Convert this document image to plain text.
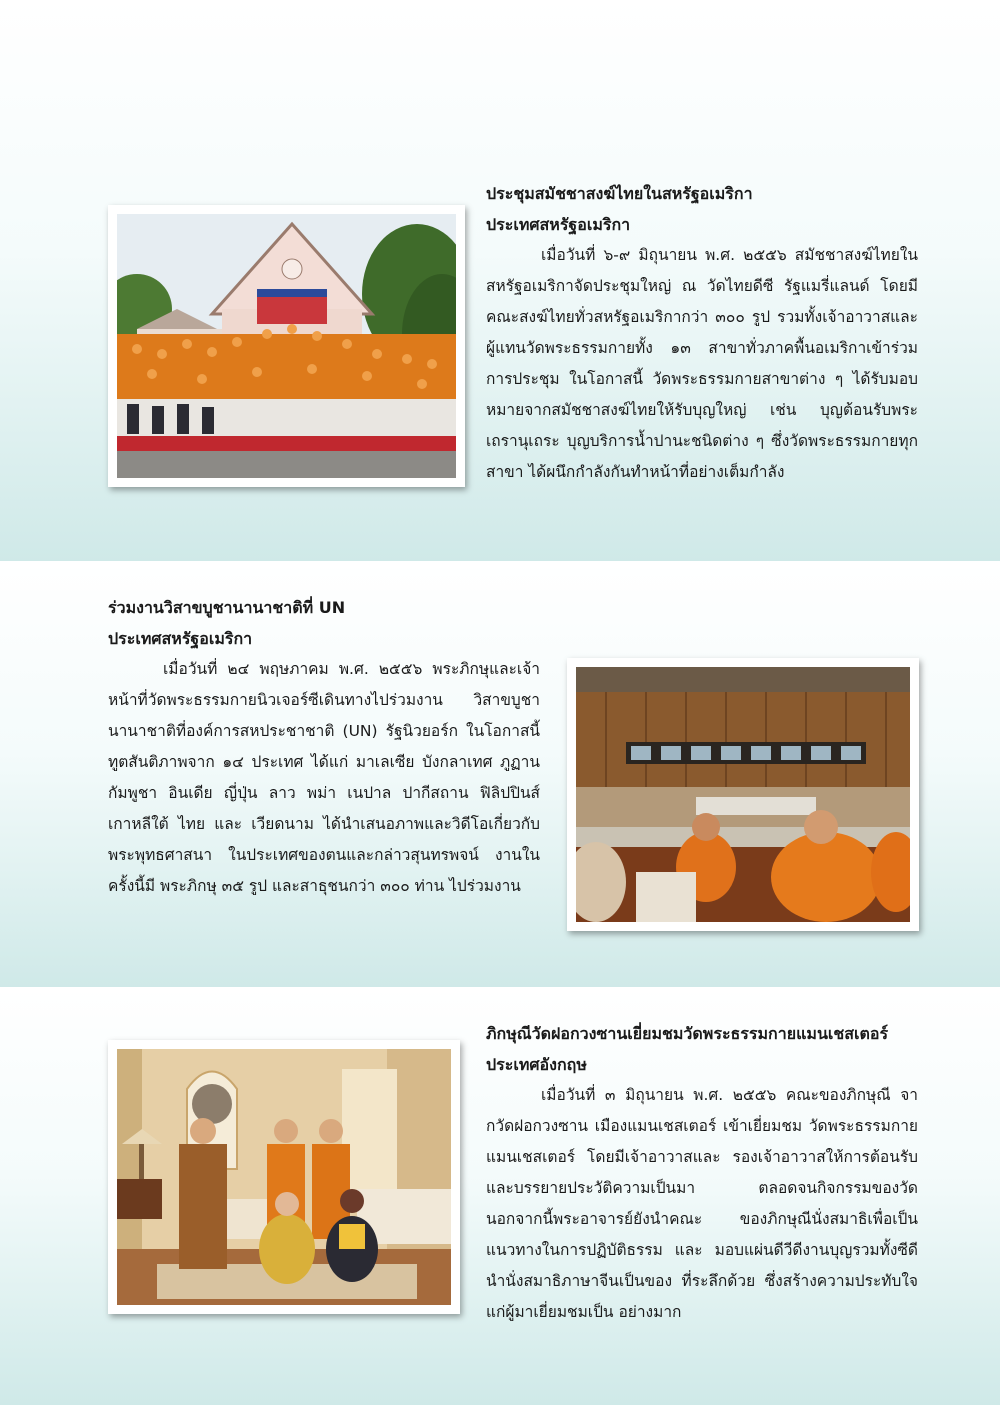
ประชุมสมัชชาสงฆ์ไทยในสหรัฐอเมริกา
ประเทศสหรัฐอเมริกา

เมื่อวันที่ ๖-๙ มิถุนายน พ.ศ. ๒๕๕๖ สมัชชาสงฆ์ไทยในสหรัฐอเมริกาจัดประชุมใหญ่ ณ วัดไทยดีซี รัฐแมรี่แลนด์ โดยมีคณะสงฆ์ไทยทั่วสหรัฐอเมริกากว่า ๓๐๐ รูป รวมทั้งเจ้าอาวาสและผู้แทนวัดพระธรรมกายทั้ง ๑๓ สาขาทั่วภาคพื้นอเมริกาเข้าร่วมการประชุม ในโอกาสนี้ วัดพระธรรมกายสาขาต่าง ๆ ได้รับมอบหมายจากสมัชชาสงฆ์ไทยให้รับบุญใหญ่ เช่น บุญต้อนรับพระเถรานุเถระ บุญบริการน้ำปานะชนิดต่าง ๆ ซึ่งวัดพระธรรมกายทุกสาขา ได้ผนึกกำลังกันทำหน้าที่อย่างเต็มกำลัง

ร่วมงานวิสาขบูชานานาชาติที่ UN
ประเทศสหรัฐอเมริกา

เมื่อวันที่ ๒๔ พฤษภาคม พ.ศ. ๒๕๕๖ พระภิกษุและเจ้าหน้าที่วัดพระธรรมกายนิวเจอร์ซีเดินทางไปร่วมงาน วิสาขบูชานานาชาติที่องค์การสหประชาชาติ (UN) รัฐนิวยอร์ก ในโอกาสนี้ทูตสันติภาพจาก ๑๔ ประเทศ ได้แก่ มาเลเซีย บังกลาเทศ ภูฏาน กัมพูชา อินเดีย ญี่ปุ่น ลาว พม่า เนปาล ปากีสถาน ฟิลิปปินส์ เกาหลีใต้ ไทย และ เวียดนาม ได้นำเสนอภาพและวิดีโอเกี่ยวกับพระพุทธศาสนา ในประเทศของตนและกล่าวสุนทรพจน์ งานในครั้งนี้มี พระภิกษุ ๓๕ รูป และสาธุชนกว่า ๓๐๐ ท่าน ไปร่วมงาน

ภิกษุณีวัดฝอกวงซานเยี่ยมชมวัดพระธรรมกายแมนเชสเตอร์
ประเทศอังกฤษ

เมื่อวันที่ ๓ มิถุนายน พ.ศ. ๒๕๕๖ คณะของภิกษุณี จากวัดฝอกวงซาน เมืองแมนเชสเตอร์ เข้าเยี่ยมชม วัดพระธรรมกายแมนเชสเตอร์ โดยมีเจ้าอาวาสและ รองเจ้าอาวาสให้การต้อนรับและบรรยายประวัติความเป็นมา ตลอดจนกิจกรรมของวัด นอกจากนี้พระอาจารย์ยังนำคณะ ของภิกษุณีนั่งสมาธิเพื่อเป็นแนวทางในการปฏิบัติธรรม และ มอบแผ่นดีวีดีงานบุญรวมทั้งซีดีนำนั่งสมาธิภาษาจีนเป็นของ ที่ระลึกด้วย ซึ่งสร้างความประทับใจแก่ผู้มาเยี่ยมชมเป็น อย่างมาก
